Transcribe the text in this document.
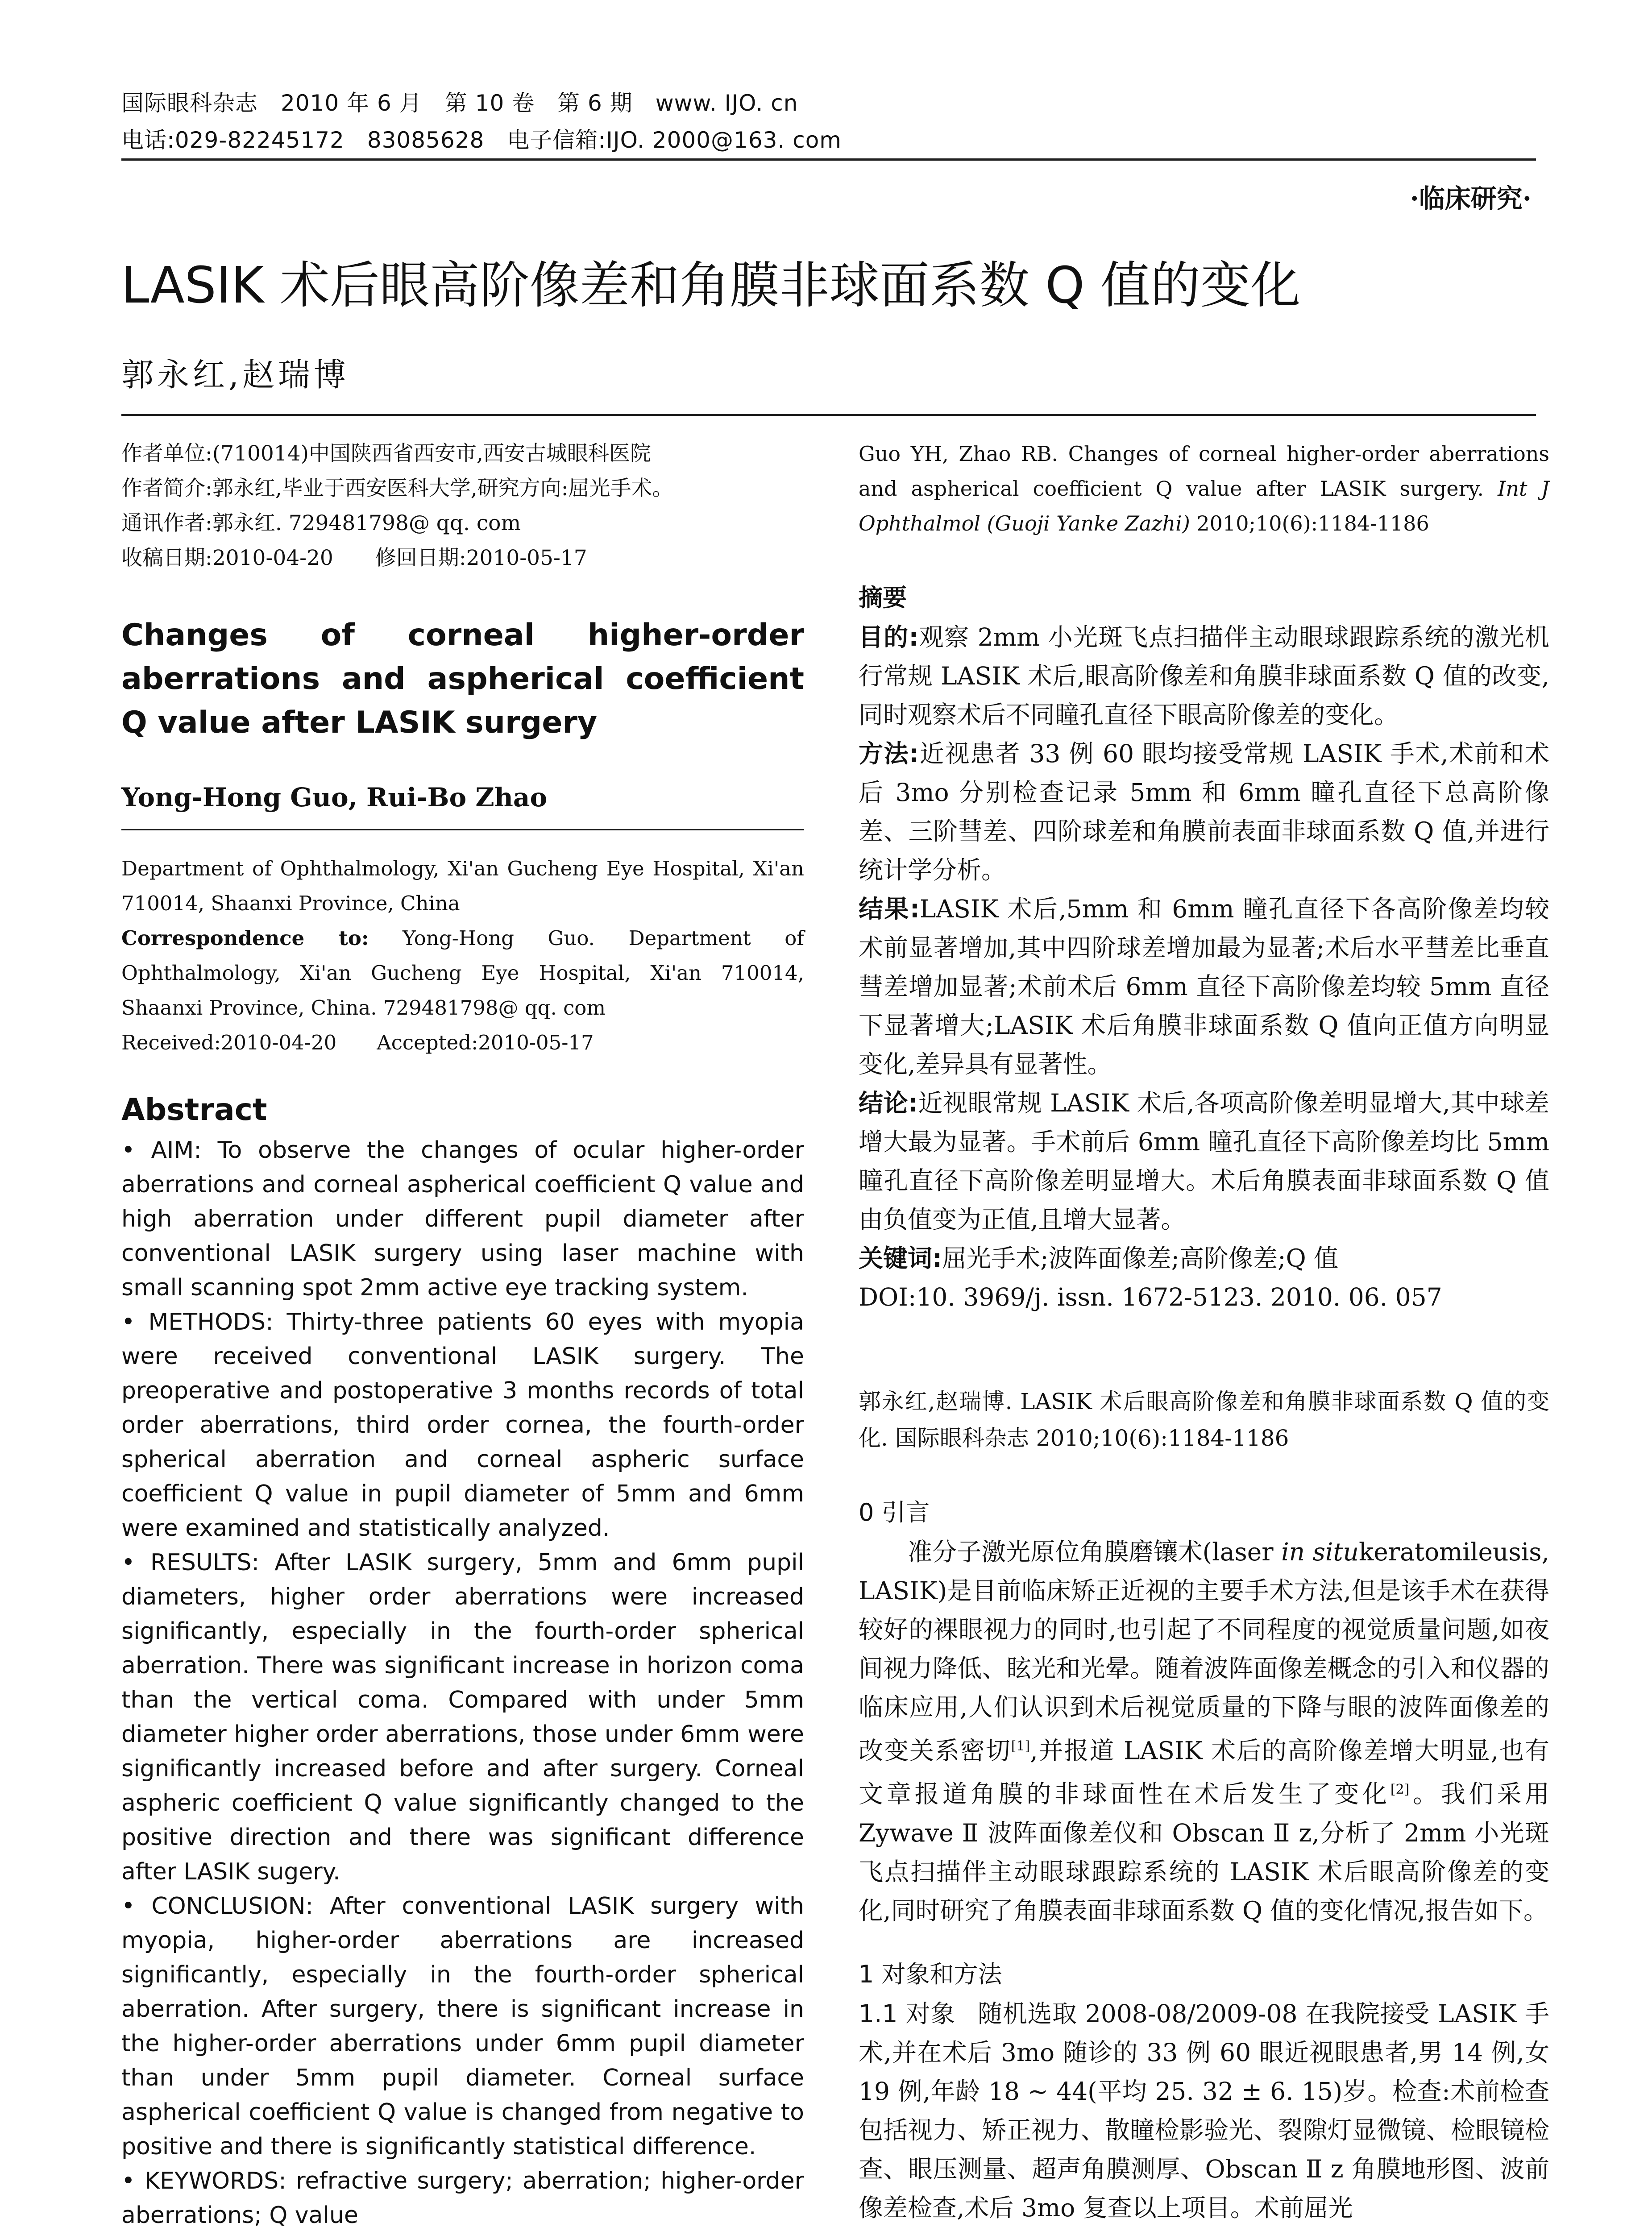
国际眼科杂志　2010 年 6 月　第 10 卷　第 6 期　www. IJO. cn
电话:029-82245172　83085628　电子信箱:IJO. 2000@163. com
·临床研究·
LASIK 术后眼高阶像差和角膜非球面系数 Q 值的变化
郭永红,赵瑞博
作者单位:(710014)中国陕西省西安市,西安古城眼科医院
作者简介:郭永红,毕业于西安医科大学,研究方向:屈光手术。
通讯作者:郭永红. 729481798@ qq. com
收稿日期:2010-04-20　　修回日期:2010-05-17
Changes of corneal higher-order aberrations and aspherical coefficient Q value after LASIK surgery
Yong-Hong Guo, Rui-Bo Zhao
Department of Ophthalmology, Xi'an Gucheng Eye Hospital, Xi'an 710014, Shaanxi Province, China
Correspondence to: Yong-Hong Guo. Department of Ophthalmology, Xi'an Gucheng Eye Hospital, Xi'an 710014, Shaanxi Province, China. 729481798@ qq. com
Received:2010-04-20　　Accepted:2010-05-17
Abstract

• AIM: To observe the changes of ocular higher-order aberrations and corneal aspherical coefficient Q value and high aberration under different pupil diameter after conventional LASIK surgery using laser machine with small scanning spot 2mm active eye tracking system.

• METHODS: Thirty-three patients 60 eyes with myopia were received conventional LASIK surgery. The preoperative and postoperative 3 months records of total order aberrations, third order cornea, the fourth-order spherical aberration and corneal aspheric surface coefficient Q value in pupil diameter of 5mm and 6mm were examined and statistically analyzed.

• RESULTS: After LASIK surgery, 5mm and 6mm pupil diameters, higher order aberrations were increased significantly, especially in the fourth-order spherical aberration. There was significant increase in horizon coma than the vertical coma. Compared with under 5mm diameter higher order aberrations, those under 6mm were significantly increased before and after surgery. Corneal aspheric coefficient Q value significantly changed to the positive direction and there was significant difference after LASIK sugery.

• CONCLUSION: After conventional LASIK surgery with myopia, higher-order aberrations are increased significantly, especially in the fourth-order spherical aberration. After surgery, there is significant increase in the higher-order aberrations under 6mm pupil diameter than under 5mm pupil diameter. Corneal surface aspherical coefficient Q value is changed from negative to positive and there is significantly statistical difference.

• KEYWORDS: refractive surgery; aberration; higher-order aberrations; Q value

Guo YH, Zhao RB. Changes of corneal higher-order aberrations and aspherical coefficient Q value after LASIK surgery. Int J Ophthalmol (Guoji Yanke Zazhi) 2010;10(6):1184-1186
摘要

目的:观察 2mm 小光斑飞点扫描伴主动眼球跟踪系统的激光机行常规 LASIK 术后,眼高阶像差和角膜非球面系数 Q 值的改变,同时观察术后不同瞳孔直径下眼高阶像差的变化。

方法:近视患者 33 例 60 眼均接受常规 LASIK 手术,术前和术后 3mo 分别检查记录 5mm 和 6mm 瞳孔直径下总高阶像差、三阶彗差、四阶球差和角膜前表面非球面系数 Q 值,并进行统计学分析。

结果:LASIK 术后,5mm 和 6mm 瞳孔直径下各高阶像差均较术前显著增加,其中四阶球差增加最为显著;术后水平彗差比垂直彗差增加显著;术前术后 6mm 直径下高阶像差均较 5mm 直径下显著增大;LASIK 术后角膜非球面系数 Q 值向正值方向明显变化,差异具有显著性。

结论:近视眼常规 LASIK 术后,各项高阶像差明显增大,其中球差增大最为显著。手术前后 6mm 瞳孔直径下高阶像差均比 5mm 瞳孔直径下高阶像差明显增大。术后角膜表面非球面系数 Q 值由负值变为正值,且增大显著。

关键词:屈光手术;波阵面像差;高阶像差;Q 值

DOI:10. 3969/j. issn. 1672-5123. 2010. 06. 057

郭永红,赵瑞博. LASIK 术后眼高阶像差和角膜非球面系数 Q 值的变化. 国际眼科杂志 2010;10(6):1184-1186
0 引言
准分子激光原位角膜磨镶术(laser in situkeratomileusis, LASIK)是目前临床矫正近视的主要手术方法,但是该手术在获得较好的裸眼视力的同时,也引起了不同程度的视觉质量问题,如夜间视力降低、眩光和光晕。随着波阵面像差概念的引入和仪器的临床应用,人们认识到术后视觉质量的下降与眼的波阵面像差的改变关系密切[1],并报道 LASIK 术后的高阶像差增大明显,也有文章报道角膜的非球面性在术后发生了变化[2]。我们采用 Zywave Ⅱ 波阵面像差仪和 Obscan Ⅱ z,分析了 2mm 小光斑飞点扫描伴主动眼球跟踪系统的 LASIK 术后眼高阶像差的变化,同时研究了角膜表面非球面系数 Q 值的变化情况,报告如下。
1 对象和方法
1.1 对象 随机选取 2008-08/2009-08 在我院接受 LASIK 手术,并在术后 3mo 随诊的 33 例 60 眼近视眼患者,男 14 例,女 19 例,年龄 18 ~ 44(平均 25. 32 ± 6. 15)岁。检查:术前检查包括视力、矫正视力、散瞳检影验光、裂隙灯显微镜、检眼镜检查、眼压测量、超声角膜测厚、Obscan Ⅱ z 角膜地形图、波前像差检查,术后 3mo 复查以上项目。术前屈光
